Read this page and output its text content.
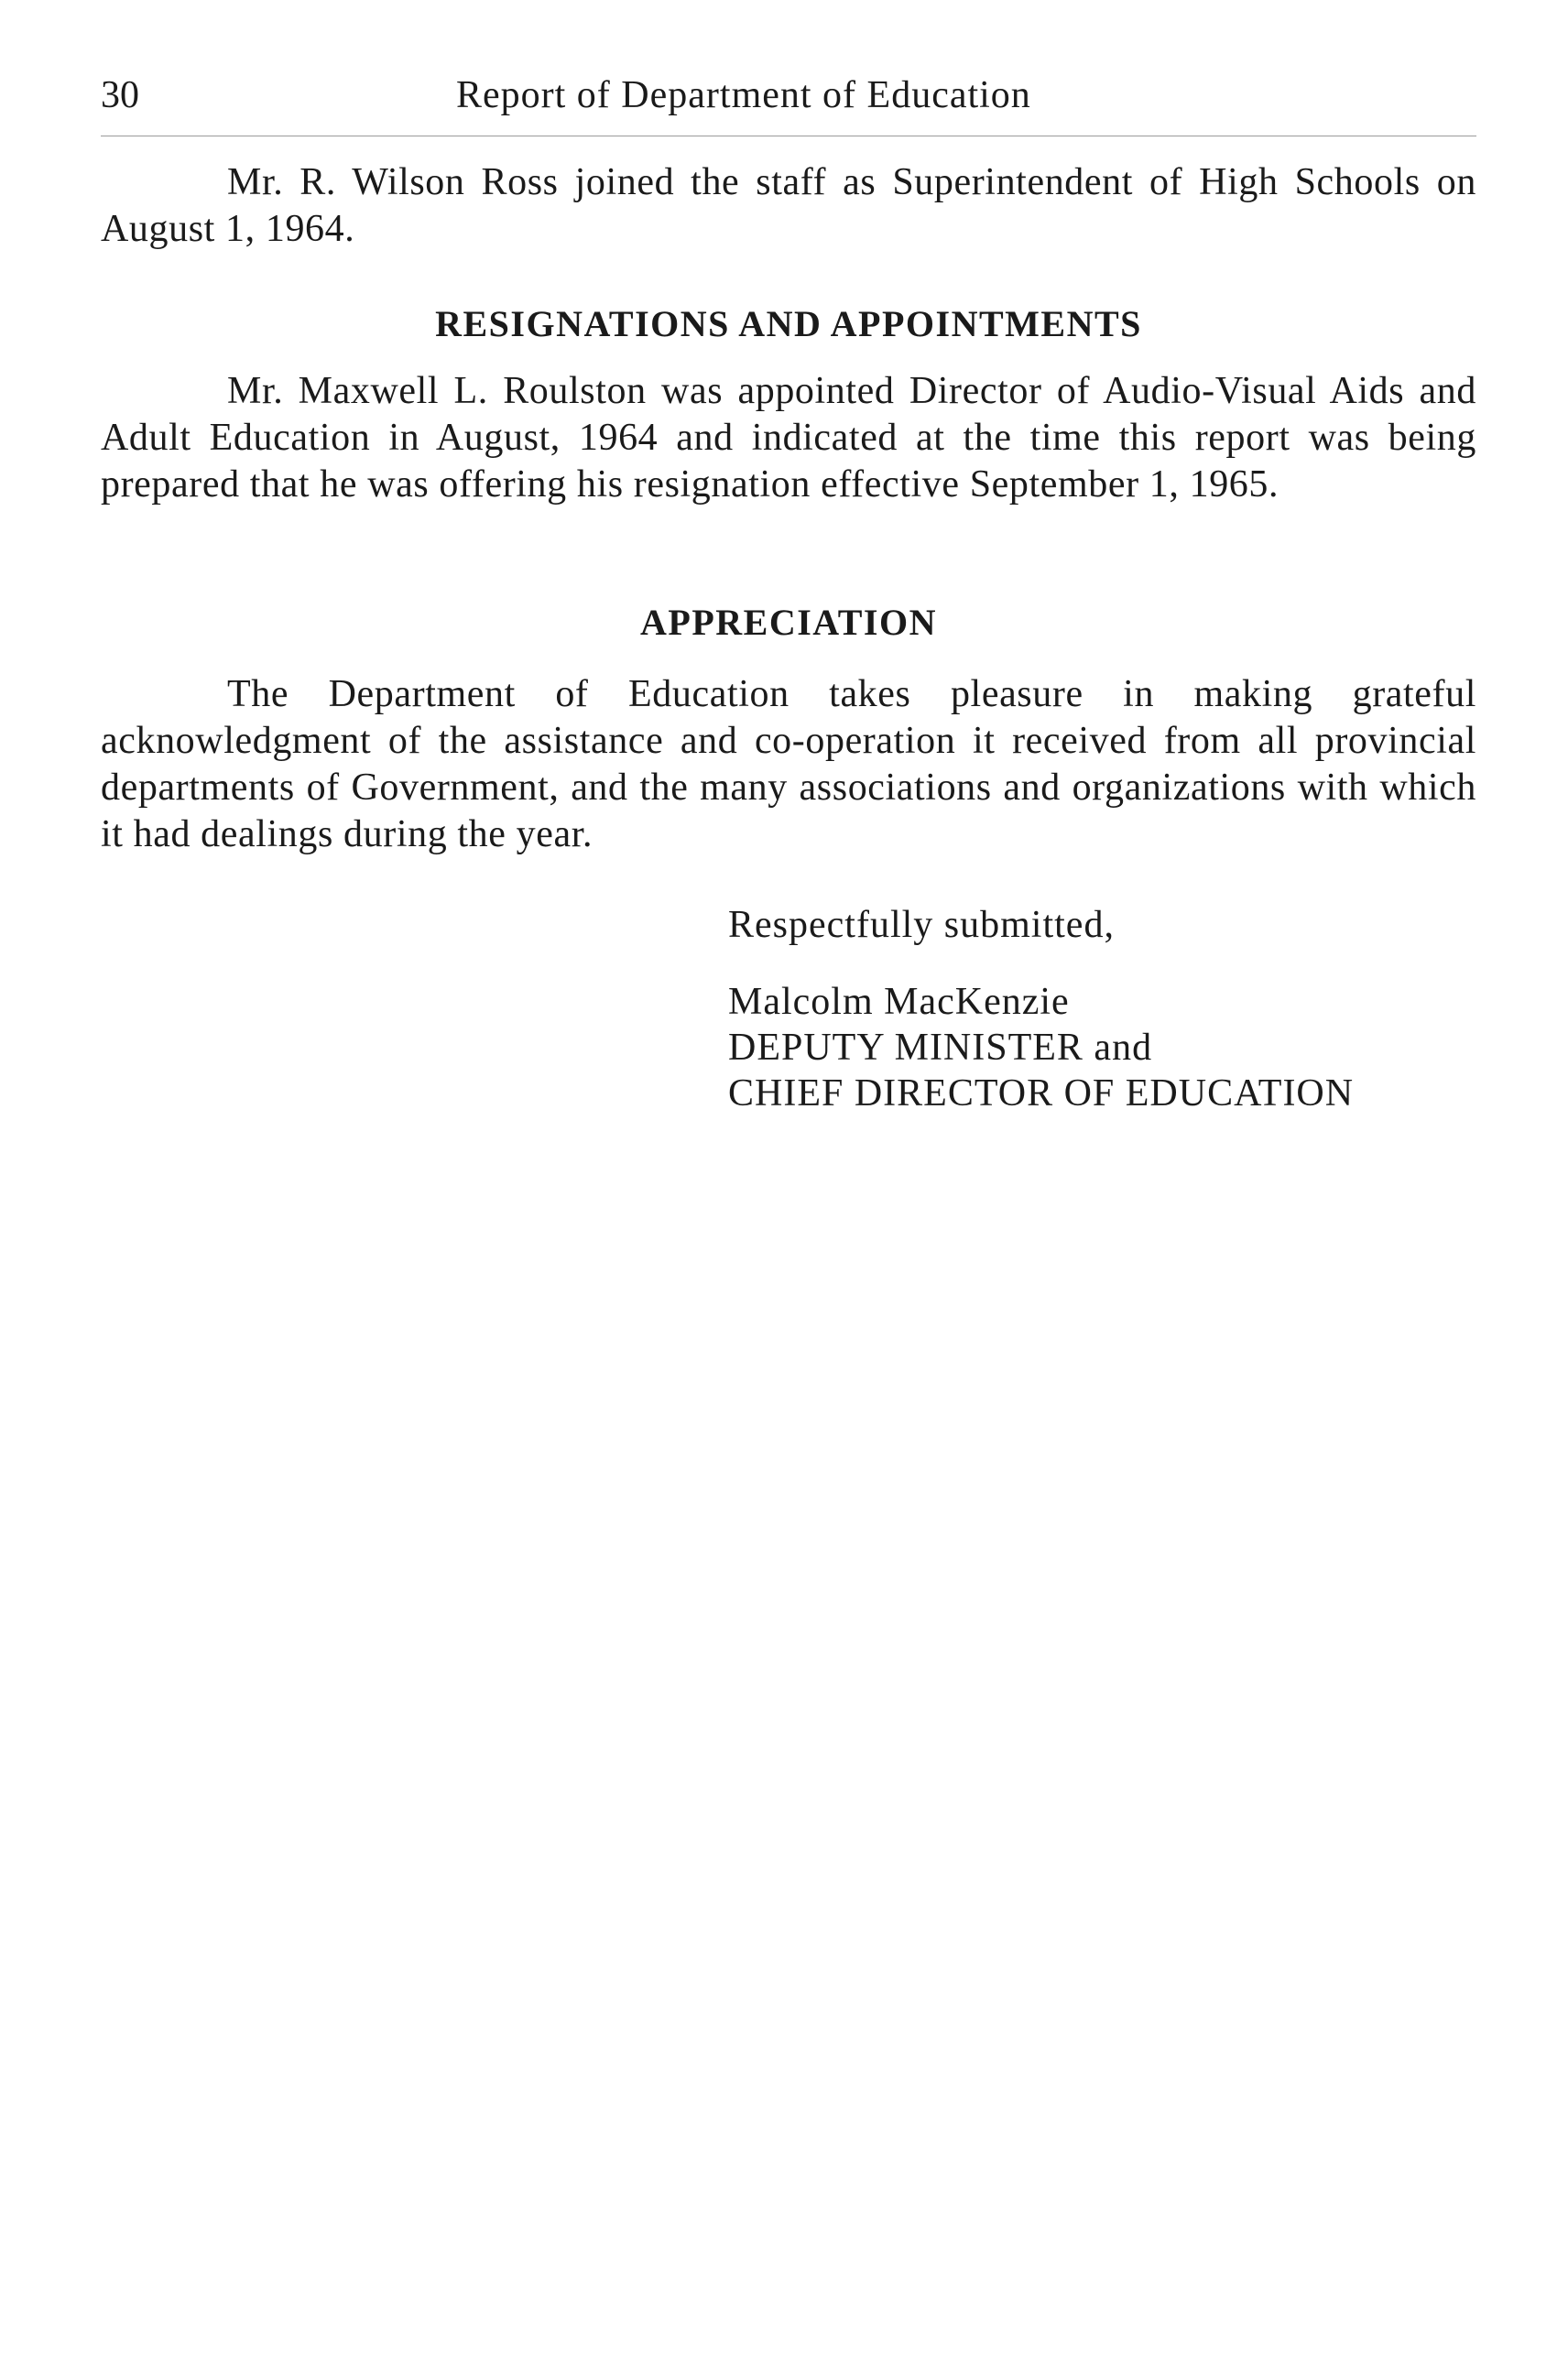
30	Report of Department of Education

Mr. R. Wilson Ross joined the staff as Superintendent of High Schools on August 1, 1964.

RESIGNATIONS AND APPOINTMENTS

Mr. Maxwell L. Roulston was appointed Director of Audio-Visual Aids and Adult Education in August, 1964 and indicated at the time this report was being prepared that he was offering his resignation effective September 1, 1965.

APPRECIATION

The Department of Education takes pleasure in making grateful acknowledgment of the assistance and co-operation it received from all provincial departments of Government, and the many associations and organizations with which it had dealings during the year.

Respectfully submitted,
Malcolm MacKenzie
DEPUTY MINISTER and
CHIEF DIRECTOR OF EDUCATION
